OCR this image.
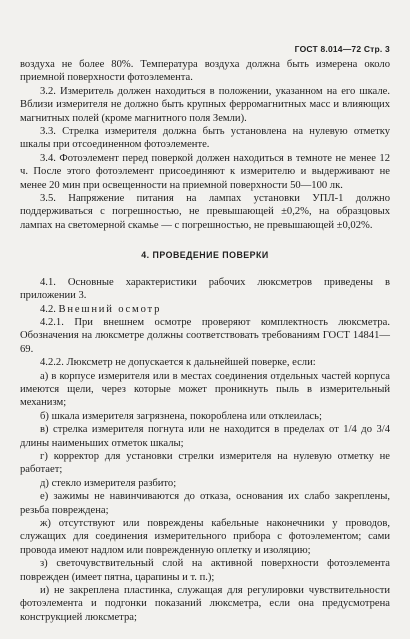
ГОСТ 8.014—72 Стр. 3

воздуха не более 80%. Температура воздуха должна быть измерена около приемной поверхности фотоэлемента.

3.2. Измеритель должен находиться в положении, указанном на его шкале. Вблизи измерителя не должно быть крупных ферромагнитных масс и влияющих магнитных полей (кроме магнитного поля Земли).

3.3. Стрелка измерителя должна быть установлена на нулевую отметку шкалы при отсоединенном фотоэлементе.

3.4. Фотоэлемент перед поверкой должен находиться в темноте не менее 12 ч. После этого фотоэлемент присоединяют к измерителю и выдерживают не менее 20 мин при освещенности на приемной поверхности 50—100 лк.

3.5. Напряжение питания на лампах установки УПЛ-1 должно поддерживаться с погрешностью, не превышающей ±0,2%, на образцовых лампах на светомерной скамье — с погрешностью, не превышающей ±0,02%.

4. ПРОВЕДЕНИЕ ПОВЕРКИ

4.1. Основные характеристики рабочих люксметров приведены в приложении 3.

4.2. Внешний осмотр

4.2.1. При внешнем осмотре проверяют комплектность люксметра. Обозначения на люксметре должны соответствовать требованиям ГОСТ 14841—69.

4.2.2. Люксметр не допускается к дальнейшей поверке, если:

а) в корпусе измерителя или в местах соединения отдельных частей корпуса имеются щели, через которые может проникнуть пыль в измерительный механизм;

б) шкала измерителя загрязнена, покороблена или отклеилась;

в) стрелка измерителя погнута или не находится в пределах от 1/4 до 3/4 длины наименьших отметок шкалы;

г) корректор для установки стрелки измерителя на нулевую отметку не работает;

д) стекло измерителя разбито;

е) зажимы не навинчиваются до отказа, основания их слабо закреплены, резьба повреждена;

ж) отсутствуют или повреждены кабельные наконечники у проводов, служащих для соединения измерительного прибора с фотоэлементом; сами провода имеют надлом или поврежденную оплетку и изоляцию;

з) светочувствительный слой на активной поверхности фотоэлемента поврежден (имеет пятна, царапины и т. п.);

и) не закреплена пластинка, служащая для регулировки чувствительности фотоэлемента и подгонки показаний люксметра, если она предусмотрена конструкцией люксметра;
